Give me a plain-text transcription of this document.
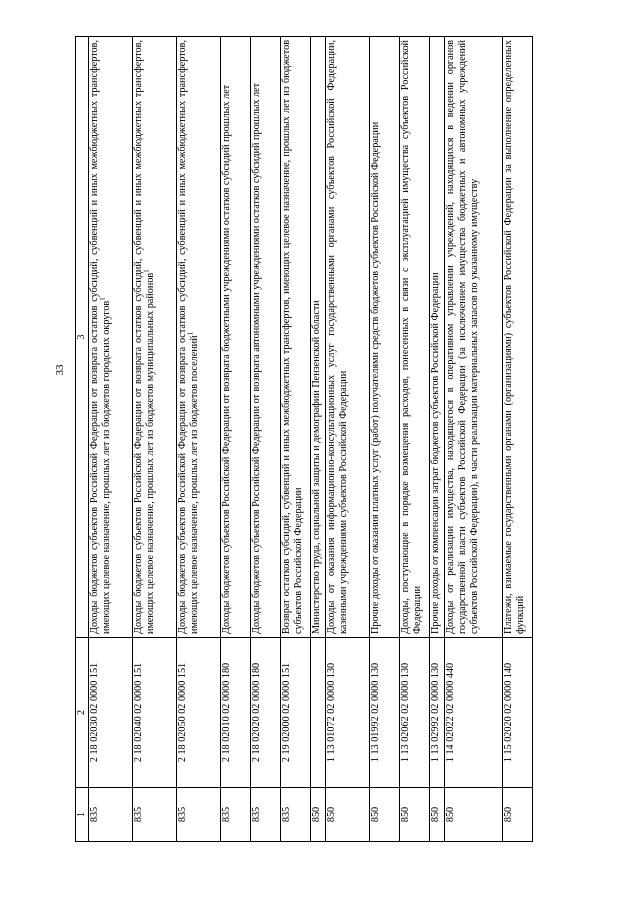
33
1	2	3
835	2 18 02030 02 0000 151	Доходы бюджетов субъектов Российской Федерации от возврата остатков субсидий, субвенций и иных межбюджетных трансфертов, имеющих целевое назначение, прошлых лет из бюджетов городских округов$^1$
835	2 18 02040 02 0000 151	Доходы бюджетов субъектов Российской Федерации от возврата остатков субсидий, субвенций и иных межбюджетных трансфертов, имеющих целевое назначение, прошлых лет из бюджетов муниципальных районов$^1$
835	2 18 02050 02 0000 151	Доходы бюджетов субъектов Российской Федерации от возврата остатков субсидий, субвенций и иных межбюджетных трансфертов, имеющих целевое назначение, прошлых лет из бюджетов поселений$^1$
835	2 18 02010 02 0000 180	Доходы бюджетов субъектов Российской Федерации от возврата бюджетными учреждениями остатков субсидий прошлых лет
835	2 18 02020 02 0000 180	Доходы бюджетов субъектов Российской Федерации от возврата автономными учреждениями остатков субсидий прошлых лет
835	2 19 02000 02 0000 151	Возврат остатков субсидий, субвенций и иных межбюджетных трансфертов, имеющих целевое назначение, прошлых лет из бюджетов субъектов Российской Федерации
850		Министерство труда, социальной защиты и демографии Пензенской области
850	1 13 01072 02 0000 130	Доходы от оказания информационно-консультационных услуг государственными органами субъектов Российской Федерации, казенными учреждениями субъектов Российской Федерации
850	1 13 01992 02 0000 130	Прочие доходы от оказания платных услуг (работ) получателями средств бюджетов субъектов Российской Федерации
850	1 13 02062 02 0000 130	Доходы, поступающие в порядке возмещения расходов, понесенных в связи с эксплуатацией имущества субъектов Российской Федерации
850	1 13 02992 02 0000 130	Прочие доходы от компенсации затрат бюджетов субъектов Российской Федерации
850	1 14 02022 02 0000 440	Доходы от реализации имущества, находящегося в оперативном управлении учреждений, находящихся в ведении органов государственной власти субъектов Российской Федерации (за исключением имущества бюджетных и автономных учреждений субъектов Российской Федерации), в части реализации материальных запасов по указанному имуществу
850	1 15 02020 02 0000 140	Платежи, взимаемые государственными органами (организациями) субъектов Российской Федерации за выполнение определенных функций
